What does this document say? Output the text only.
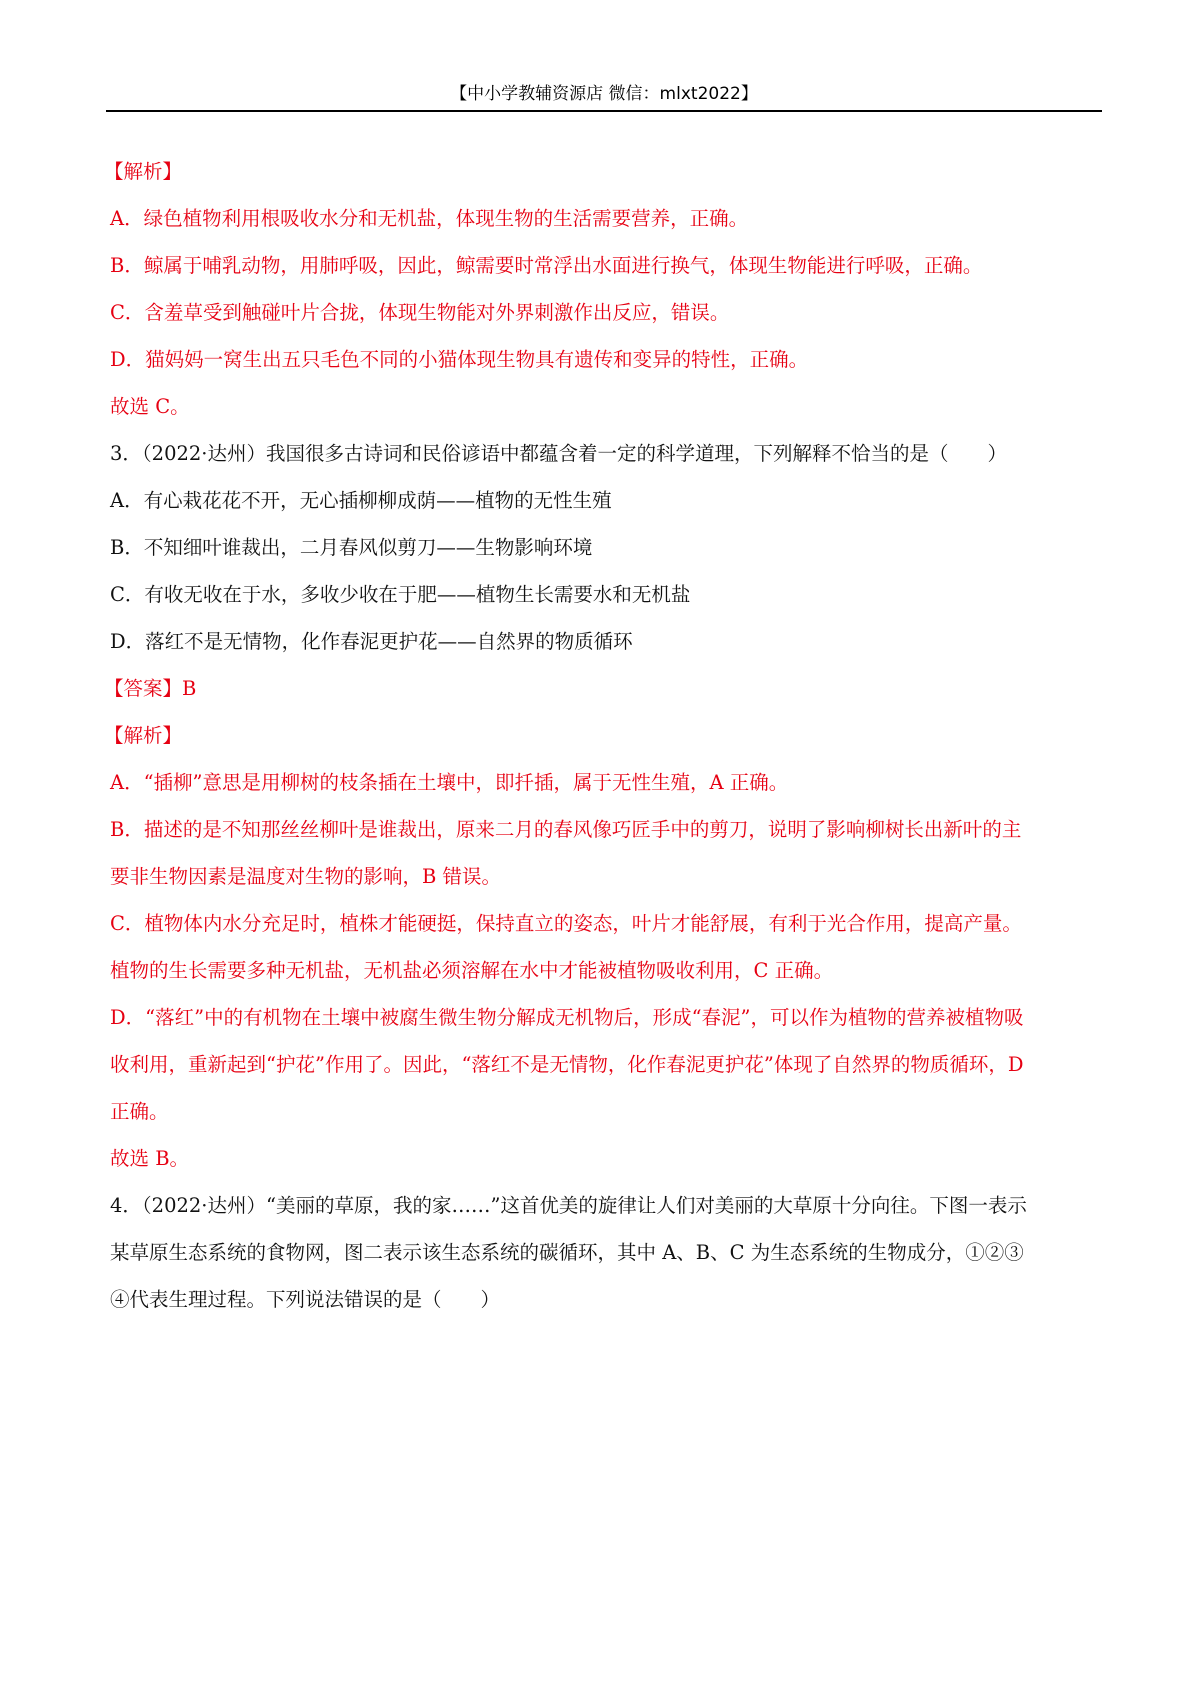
【中小学教辅资源店 微信：mlxt2022】
【解析】
A．绿色植物利用根吸收水分和无机盐，体现生物的生活需要营养，正确。
B．鲸属于哺乳动物，用肺呼吸，因此，鲸需要时常浮出水面进行换气，体现生物能进行呼吸，正确。
C．含羞草受到触碰叶片合拢，体现生物能对外界刺激作出反应，错误。
D．猫妈妈一窝生出五只毛色不同的小猫体现生物具有遗传和变异的特性，正确。
故选 C。
3．（2022·达州）我国很多古诗词和民俗谚语中都蕴含着一定的科学道理，下列解释不恰当的是（　　）
A．有心栽花花不开，无心插柳柳成荫——植物的无性生殖
B．不知细叶谁裁出，二月春风似剪刀——生物影响环境
C．有收无收在于水，多收少收在于肥——植物生长需要水和无机盐
D．落红不是无情物，化作春泥更护花——自然界的物质循环
【答案】B
【解析】
A．“插柳”意思是用柳树的枝条插在土壤中，即扦插，属于无性生殖，A 正确。
B．描述的是不知那丝丝柳叶是谁裁出，原来二月的春风像巧匠手中的剪刀，说明了影响柳树长出新叶的主
要非生物因素是温度对生物的影响，B 错误。
C．植物体内水分充足时，植株才能硬挺，保持直立的姿态，叶片才能舒展，有利于光合作用，提高产量。
植物的生长需要多种无机盐，无机盐必须溶解在水中才能被植物吸收利用，C 正确。
D．“落红”中的有机物在土壤中被腐生微生物分解成无机物后，形成“春泥”，可以作为植物的营养被植物吸
收利用，重新起到“护花”作用了。因此，“落红不是无情物，化作春泥更护花”体现了自然界的物质循环，D
正确。
故选 B。
4．（2022·达州）“美丽的草原，我的家……”这首优美的旋律让人们对美丽的大草原十分向往。下图一表示
某草原生态系统的食物网，图二表示该生态系统的碳循环，其中 A、B、C 为生态系统的生物成分，①②③
④代表生理过程。下列说法错误的是（　　）
